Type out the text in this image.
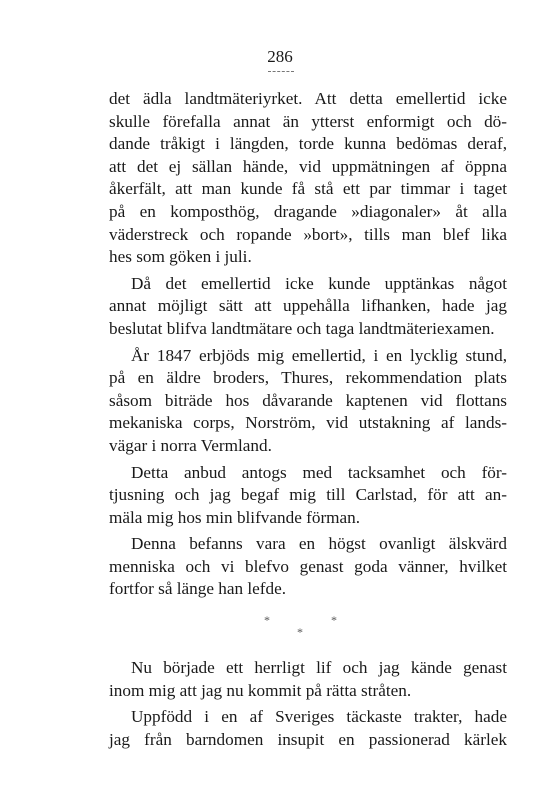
286

det ädla landtmäteriyrket. Att detta emellertid icke
skulle förefalla annat än ytterst enformigt och dö-
dande tråkigt i längden, torde kunna bedömas deraf,
att det ej sällan hände, vid uppmätningen af öppna
åkerfält, att man kunde få stå ett par timmar i taget
på en komposthög, dragande »diagonaler» åt alla
väderstreck och ropande »bort», tills man blef lika
hes som göken i juli.

Då det emellertid icke kunde upptänkas något
annat möjligt sätt att uppehålla lifhanken, hade jag
beslutat blifva landtmätare och taga landtmäteriexamen.

År 1847 erbjöds mig emellertid, i en lycklig stund,
på en äldre broders, Thures, rekommendation plats
såsom biträde hos dåvarande kaptenen vid flottans
mekaniska corps, Norström, vid utstakning af lands-
vägar i norra Vermland.

Detta anbud antogs med tacksamhet och för-
tjusning och jag begaf mig till Carlstad, för att an-
mäla mig hos min blifvande förman.

Denna befanns vara en högst ovanligt älskvärd
menniska och vi blefvo genast goda vänner, hvilket
fortfor så länge han lefde.

*	*
*

Nu började ett herrligt lif och jag kände genast
inom mig att jag nu kommit på rätta stråten.

Uppfödd i en af Sveriges täckaste trakter, hade
jag från barndomen insupit en passionerad kärlek
